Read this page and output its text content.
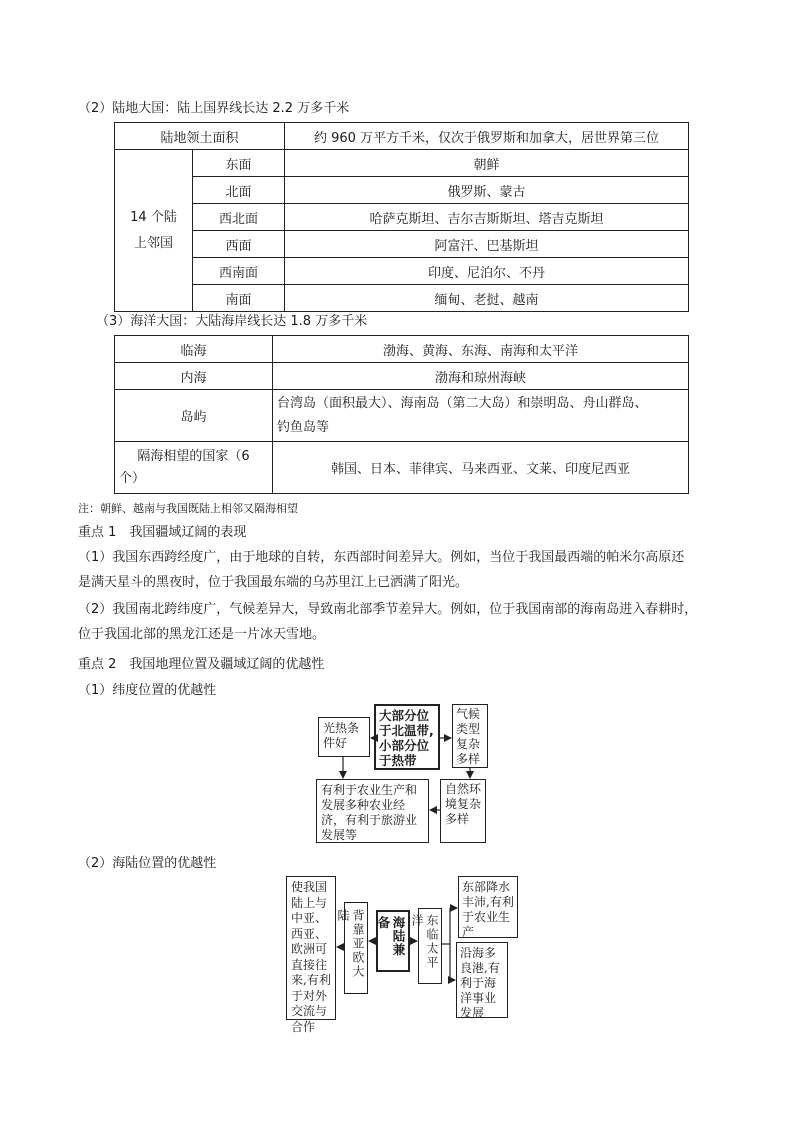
（2）陆地大国：陆上国界线长达 2.2 万多千米
陆地领土面积		约 960 万平方千米，仅次于俄罗斯和加拿大，居世界第三位

14 个陆
上邻国	东面	朝鲜
	北面	俄罗斯、蒙古
	西北面	哈萨克斯坦、吉尔吉斯斯坦、塔吉克斯坦
	西面	阿富汗、巴基斯坦
	西南面	印度、尼泊尔、不丹
	南面	缅甸、老挝、越南
（3）海洋大国：大陆海岸线长达 1.8 万多千米
临海	渤海、黄海、东海、南海和太平洋
内海	渤海和琼州海峡
岛屿	台湾岛（面积最大）、海南岛（第二大岛）和崇明岛、舟山群岛、
钓鱼岛等

隔海相望的国家（6
个）	韩国、日本、菲律宾、马来西亚、文莱、印度尼西亚
注：朝鲜、越南与我国既陆上相邻又隔海相望
重点 1　我国疆域辽阔的表现
（1）我国东西跨经度广，由于地球的自转，东西部时间差异大。例如，当位于我国最西端的帕米尔高原还
是满天星斗的黑夜时，位于我国最东端的乌苏里江上已洒满了阳光。
（2）我国南北跨纬度广，气候差异大，导致南北部季节差异大。例如，位于我国南部的海南岛进入春耕时，
位于我国北部的黑龙江还是一片冰天雪地。
重点 2　我国地理位置及疆域辽阔的优越性
（1）纬度位置的优越性
光热条件好
大部分位于北温带,小部分位于热带
气候类型复杂多样
自然环境复杂多样
有利于农业生产和发展多种农业经济，有利于旅游业发展等
（2）海陆位置的优越性
使我国陆上与中亚、西亚、欧洲可直接往来,有利于对外交流与合作
背靠亚欧大陆	海陆兼备	东临太平洋
东部降水丰沛,有利于农业生产
沿海多良港,有利于海洋事业发展
